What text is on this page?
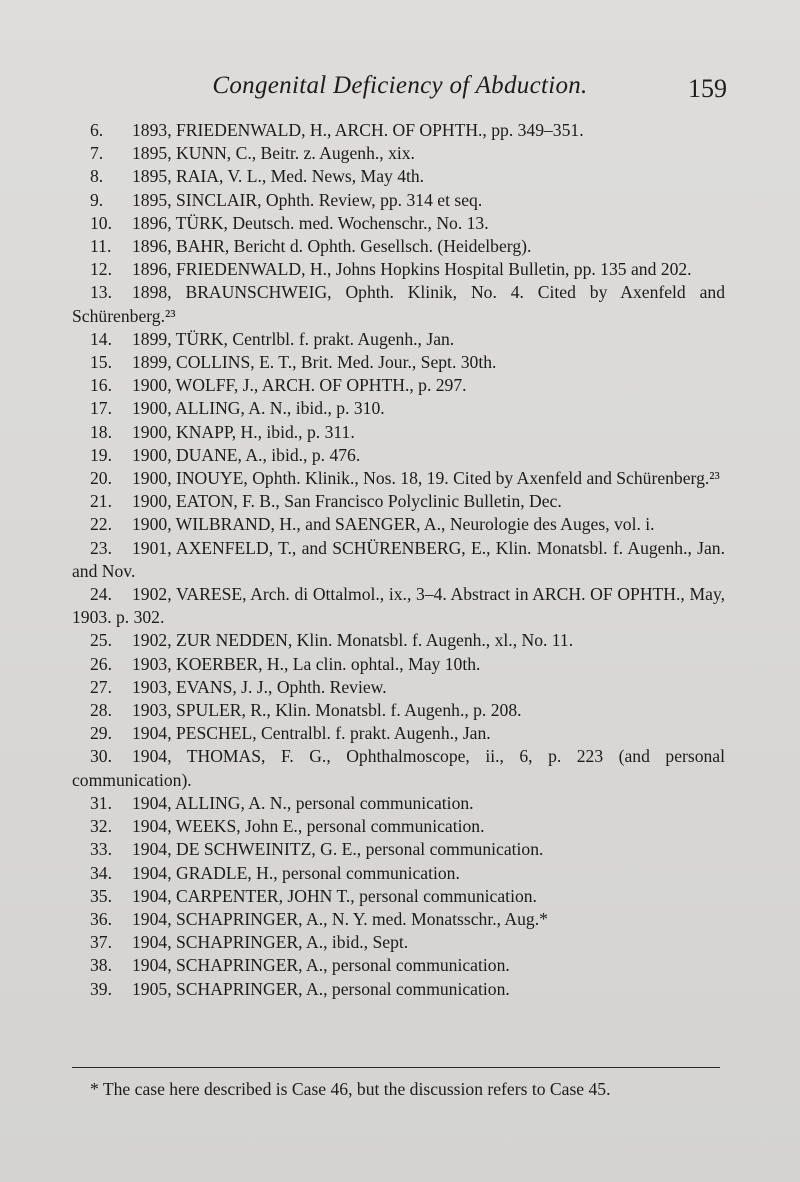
Congenital Deficiency of Abduction.	159
6. 1893, FRIEDENWALD, H., ARCH. OF OPHTH., pp. 349–351.
7. 1895, KUNN, C., Beitr. z. Augenh., xix.
8. 1895, RAIA, V. L., Med. News, May 4th.
9. 1895, SINCLAIR, Ophth. Review, pp. 314 et seq.
10. 1896, TÜRK, Deutsch. med. Wochenschr., No. 13.
11. 1896, BAHR, Bericht d. Ophth. Gesellsch. (Heidelberg).
12. 1896, FRIEDENWALD, H., Johns Hopkins Hospital Bulletin, pp. 135 and 202.
13. 1898, BRAUNSCHWEIG, Ophth. Klinik, No. 4. Cited by Axenfeld and Schürenberg.²³
14. 1899, TÜRK, Centrlbl. f. prakt. Augenh., Jan.
15. 1899, COLLINS, E. T., Brit. Med. Jour., Sept. 30th.
16. 1900, WOLFF, J., ARCH. OF OPHTH., p. 297.
17. 1900, ALLING, A. N., ibid., p. 310.
18. 1900, KNAPP, H., ibid., p. 311.
19. 1900, DUANE, A., ibid., p. 476.
20. 1900, INOUYE, Ophth. Klinik., Nos. 18, 19. Cited by Axenfeld and Schürenberg.²³
21. 1900, EATON, F. B., San Francisco Polyclinic Bulletin, Dec.
22. 1900, WILBRAND, H., and SAENGER, A., Neurologie des Auges, vol. i.
23. 1901, AXENFELD, T., and SCHÜRENBERG, E., Klin. Monatsbl. f. Augenh., Jan. and Nov.
24. 1902, VARESE, Arch. di Ottalmol., ix., 3–4. Abstract in ARCH. OF OPHTH., May, 1903. p. 302.
25. 1902, ZUR NEDDEN, Klin. Monatsbl. f. Augenh., xl., No. 11.
26. 1903, KOERBER, H., La clin. ophtal., May 10th.
27. 1903, EVANS, J. J., Ophth. Review.
28. 1903, SPULER, R., Klin. Monatsbl. f. Augenh., p. 208.
29. 1904, PESCHEL, Centralbl. f. prakt. Augenh., Jan.
30. 1904, THOMAS, F. G., Ophthalmoscope, ii., 6, p. 223 (and personal communication).
31. 1904, ALLING, A. N., personal communication.
32. 1904, WEEKS, John E., personal communication.
33. 1904, DE SCHWEINITZ, G. E., personal communication.
34. 1904, GRADLE, H., personal communication.
35. 1904, CARPENTER, JOHN T., personal communication.
36. 1904, SCHAPRINGER, A., N. Y. med. Monatsschr., Aug.*
37. 1904, SCHAPRINGER, A., ibid., Sept.
38. 1904, SCHAPRINGER, A., personal communication.
39. 1905, SCHAPRINGER, A., personal communication.
* The case here described is Case 46, but the discussion refers to Case 45.
